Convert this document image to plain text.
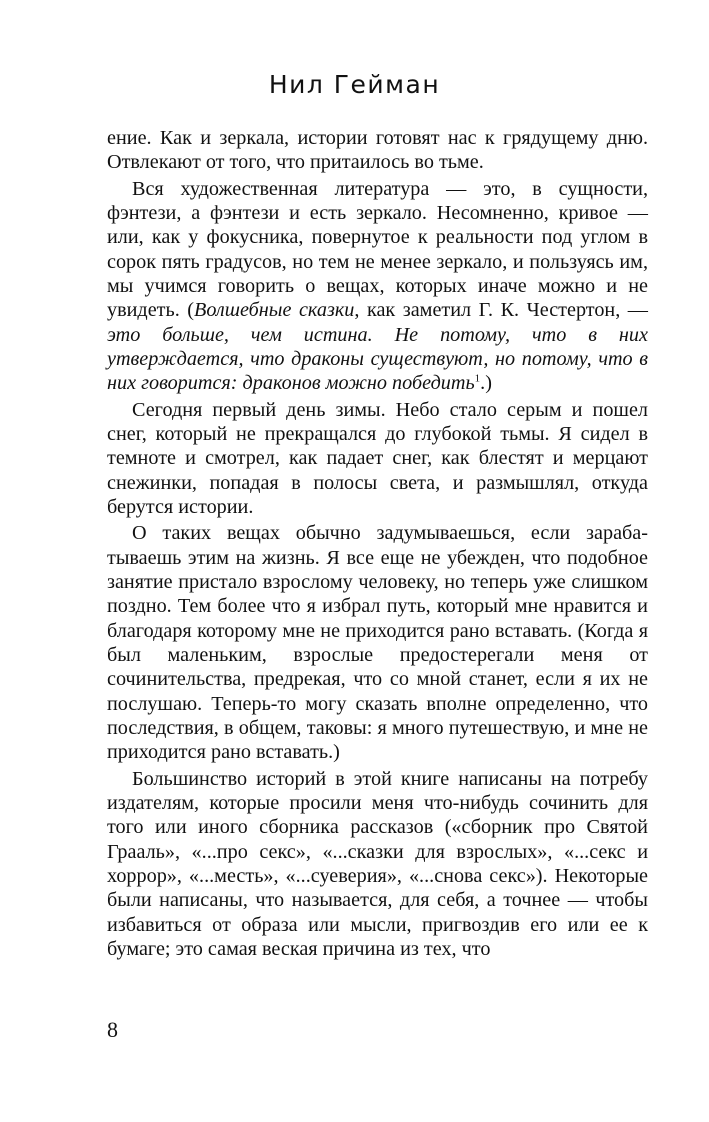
Нил Гейман

ение. Как и зеркала, истории готовят нас к грядущему дню. Отвлекают от того, что притаилось во тьме.

Вся художественная литература — это, в сущности, фэнтези, а фэнтези и есть зеркало. Несомненно, кривое — или, как у фокусника, повернутое к реальности под углом в сорок пять градусов, но тем не менее зеркало, и пользуясь им, мы учимся говорить о вещах, которых иначе можно и не увидеть. (Волшебные сказки, как заметил Г. К. Честертон, — это больше, чем истина. Не потому, что в них утверждается, что драконы существуют, но потому, что в них говорится: драконов можно победить$^1$.)

Сегодня первый день зимы. Небо стало серым и пошел снег, который не прекращался до глубокой тьмы. Я сидел в темноте и смотрел, как падает снег, как блестят и мерцают снежинки, попадая в полосы света, и размышлял, откуда берутся истории.

О таких вещах обычно задумываешься, если зарабатываешь этим на жизнь. Я все еще не убежден, что подобное занятие пристало взрослому человеку, но теперь уже слишком поздно. Тем более что я избрал путь, который мне нравится и благодаря которому мне не приходится рано вставать. (Когда я был маленьким, взрослые предостерегали меня от сочинительства, предрекая, что со мной станет, если я их не послушаю. Теперь-то могу сказать вполне определенно, что последствия, в общем, таковы: я много путешествую, и мне не приходится рано вставать.)

Большинство историй в этой книге написаны на потребу издателям, которые просили меня что-нибудь сочинить для того или иного сборника рассказов («сборник про Святой Грааль», «...про секс», «...сказки для взрослых», «...секс и хоррор», «...месть», «...суеверия», «...снова секс»). Некоторые были написаны, что называется, для себя, а точнее — чтобы избавиться от образа или мысли, пригвоздив его или ее к бумаге; это самая веская причина из тех, что

8
